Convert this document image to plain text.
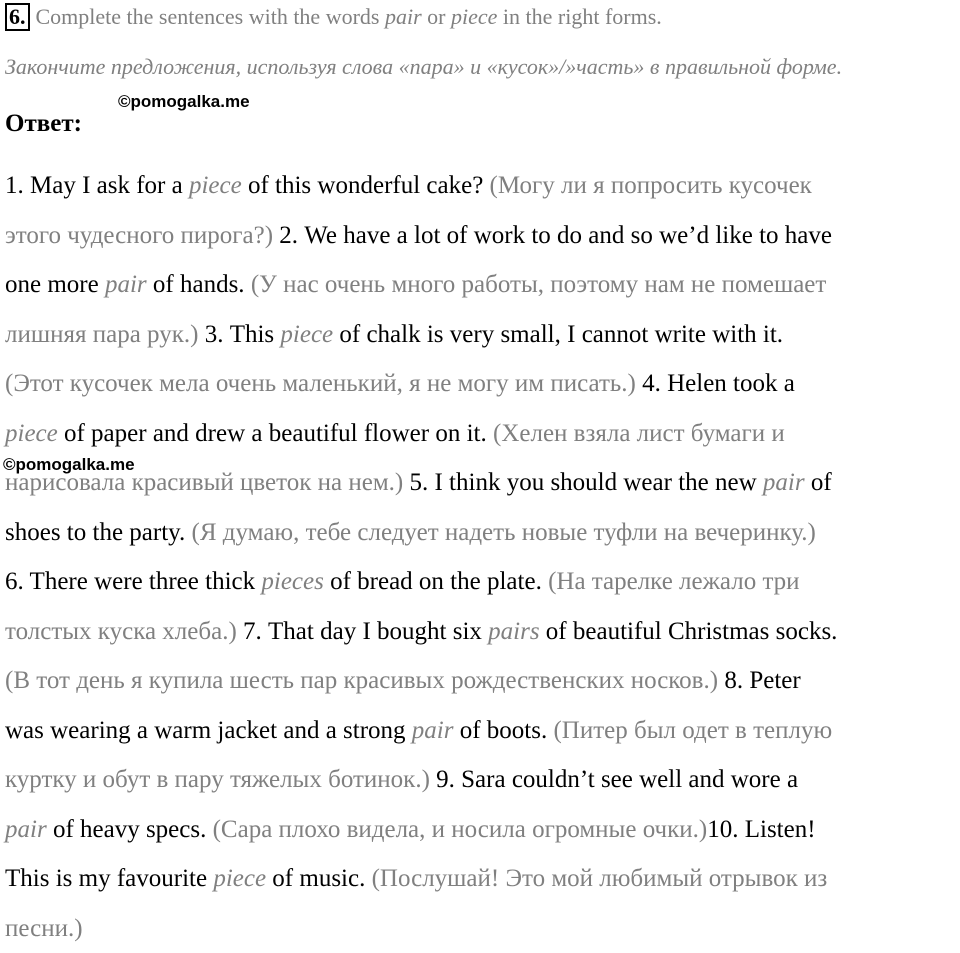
6. Complete the sentences with the words pair or piece in the right forms.
Закончите предложения, используя слова «пара» и «кусок»/»часть» в правильной форме.
©pomogalka.me
Ответ:
1. May I ask for a piece of this wonderful cake? (Могу ли я попросить кусочек
этого чудесного пирога?) 2. We have a lot of work to do and so we’d like to have
one more pair of hands. (У нас очень много работы, поэтому нам не помешает
лишняя пара рук.) 3. This piece of chalk is very small, I cannot write with it.
(Этот кусочек мела очень маленький, я не могу им писать.) 4. Helen took a
piece of paper and drew a beautiful flower on it. (Хелен взяла лист бумаги и
нарисовала красивый цветок на нем.) 5. I think you should wear the new pair of
shoes to the party. (Я думаю, тебе следует надеть новые туфли на вечеринку.)
6. There were three thick pieces of bread on the plate. (На тарелке лежало три
толстых куска хлеба.) 7. That day I bought six pairs of beautiful Christmas socks.
(В тот день я купила шесть пар красивых рождественских носков.) 8. Peter
was wearing a warm jacket and a strong pair of boots. (Питер был одет в теплую
куртку и обут в пару тяжелых ботинок.) 9. Sara couldn’t see well and wore a
pair of heavy specs. (Сара плохо видела, и носила огромные очки.)10. Listen!
This is my favourite piece of music. (Послушай! Это мой любимый отрывок из
песни.)
©pomogalka.me
